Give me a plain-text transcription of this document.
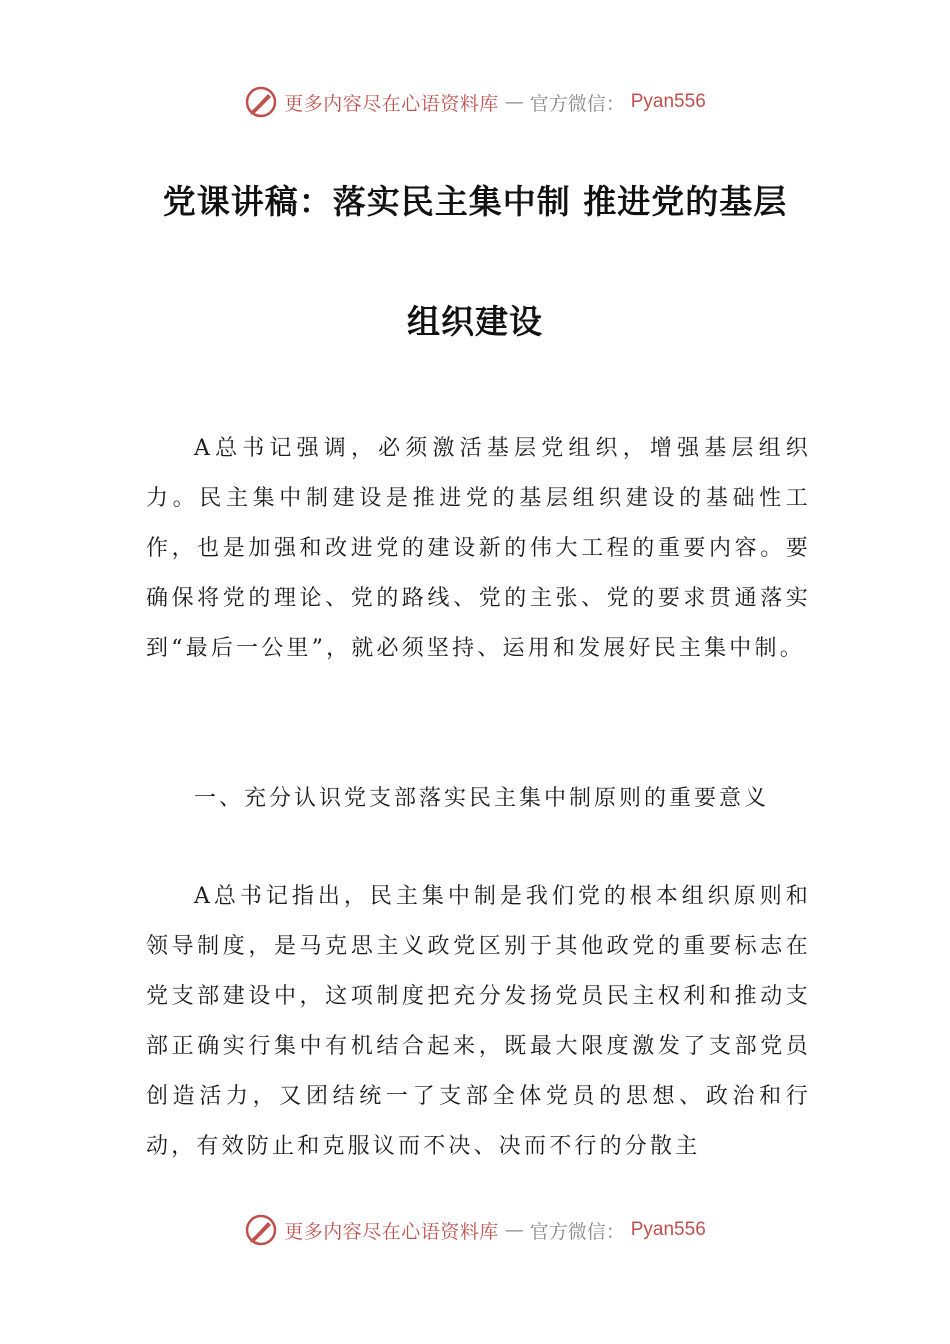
更多内容尽在心语资料库 — 官方微信： Pyan556
党课讲稿：落实民主集中制 推进党的基层
组织建设

A总书记强调，必须激活基层党组织，增强基层组织力。民主集中制建设是推进党的基层组织建设的基础性工作，也是加强和改进党的建设新的伟大工程的重要内容。要确保将党的理论、党的路线、党的主张、党的要求贯通落实到“最后一公里”，就必须坚持、运用和发展好民主集中制。

一、充分认识党支部落实民主集中制原则的重要意义

A总书记指出，民主集中制是我们党的根本组织原则和领导制度，是马克思主义政党区别于其他政党的重要标志在党支部建设中，这项制度把充分发扬党员民主权利和推动支部正确实行集中有机结合起来，既最大限度激发了支部党员创造活力，又团结统一了支部全体党员的思想、政治和行动，有效防止和克服议而不决、决而不行的分散主

更多内容尽在心语资料库 — 官方微信： Pyan556
